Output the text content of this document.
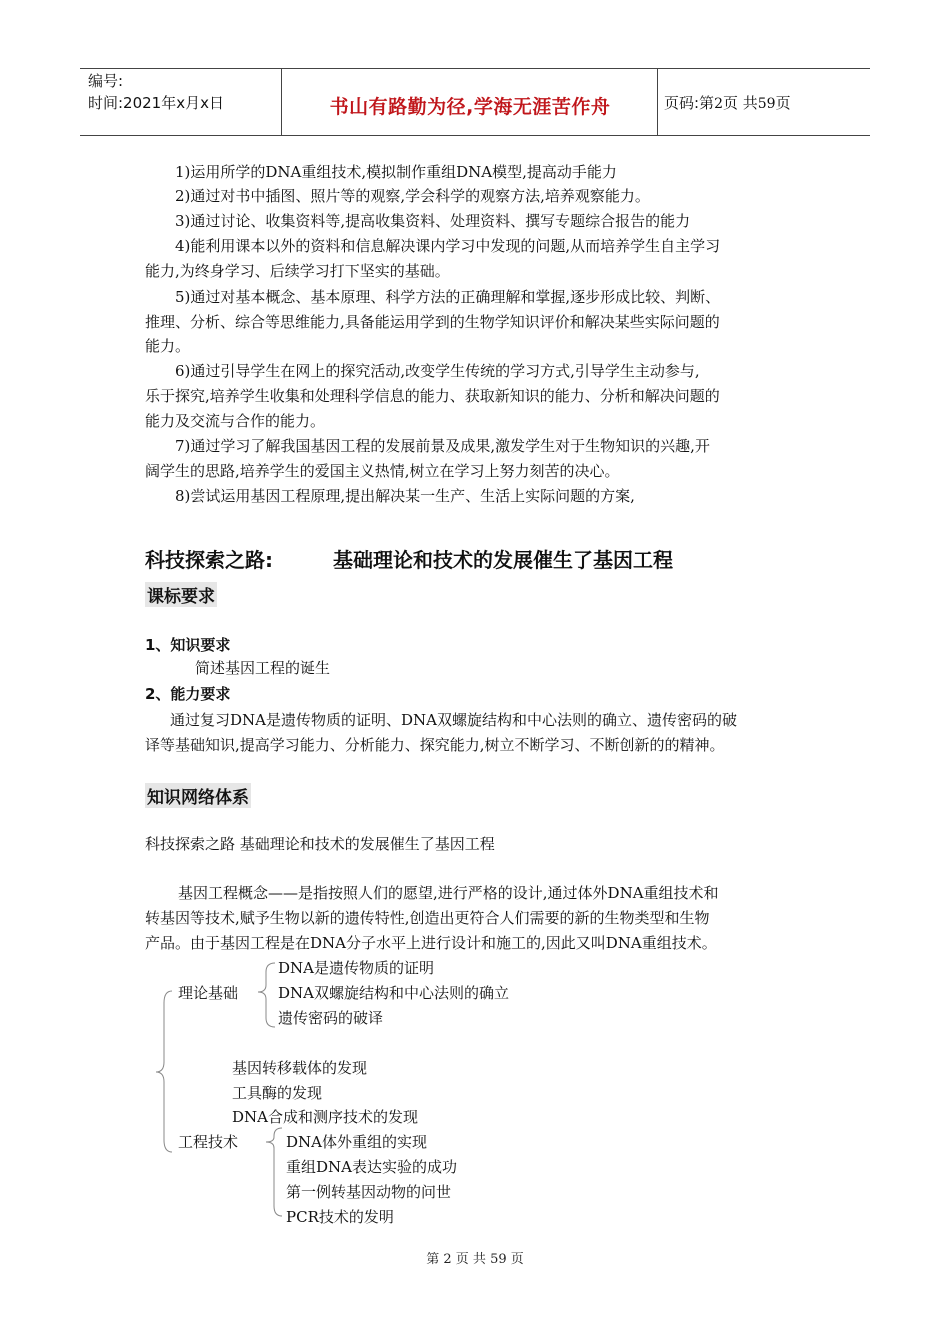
编号:
时间:2021年x月x日	书山有路勤为径,学海无涯苦作舟	页码:第2页 共59页
1)运用所学的DNA重组技术,模拟制作重组DNA模型,提高动手能力
2)通过对书中插图、照片等的观察,学会科学的观察方法,培养观察能力。
3)通过讨论、收集资料等,提高收集资料、处理资料、撰写专题综合报告的能力
4)能利用课本以外的资料和信息解决课内学习中发现的问题,从而培养学生自主学习
能力,为终身学习、后续学习打下坚实的基础。
5)通过对基本概念、基本原理、科学方法的正确理解和掌握,逐步形成比较、判断、
推理、分析、综合等思维能力,具备能运用学到的生物学知识评价和解决某些实际问题的
能力。
6)通过引导学生在网上的探究活动,改变学生传统的学习方式,引导学生主动参与,
乐于探究,培养学生收集和处理科学信息的能力、获取新知识的能力、分析和解决问题的
能力及交流与合作的能力。
7)通过学习了解我国基因工程的发展前景及成果,激发学生对于生物知识的兴趣,开
阔学生的思路,培养学生的爱国主义热情,树立在学习上努力刻苦的决心。
8)尝试运用基因工程原理,提出解决某一生产、生活上实际问题的方案,
科技探索之路:	基础理论和技术的发展催生了基因工程
课标要求
1、知识要求
简述基因工程的诞生
2、能力要求
通过复习DNA是遗传物质的证明、DNA双螺旋结构和中心法则的确立、遗传密码的破
译等基础知识,提高学习能力、分析能力、探究能力,树立不断学习、不断创新的的精神。
知识网络体系
科技探索之路 基础理论和技术的发展催生了基因工程
基因工程概念——是指按照人们的愿望,进行严格的设计,通过体外DNA重组技术和
转基因等技术,赋予生物以新的遗传特性,创造出更符合人们需要的新的生物类型和生物
产品。由于基因工程是在DNA分子水平上进行设计和施工的,因此又叫DNA重组技术。
理论基础
DNA是遗传物质的证明
DNA双螺旋结构和中心法则的确立
遗传密码的破译
基因转移载体的发现
工具酶的发现
DNA合成和测序技术的发现
工程技术	DNA体外重组的实现
重组DNA表达实验的成功
第一例转基因动物的问世
PCR技术的发明
第 2 页 共 59 页
